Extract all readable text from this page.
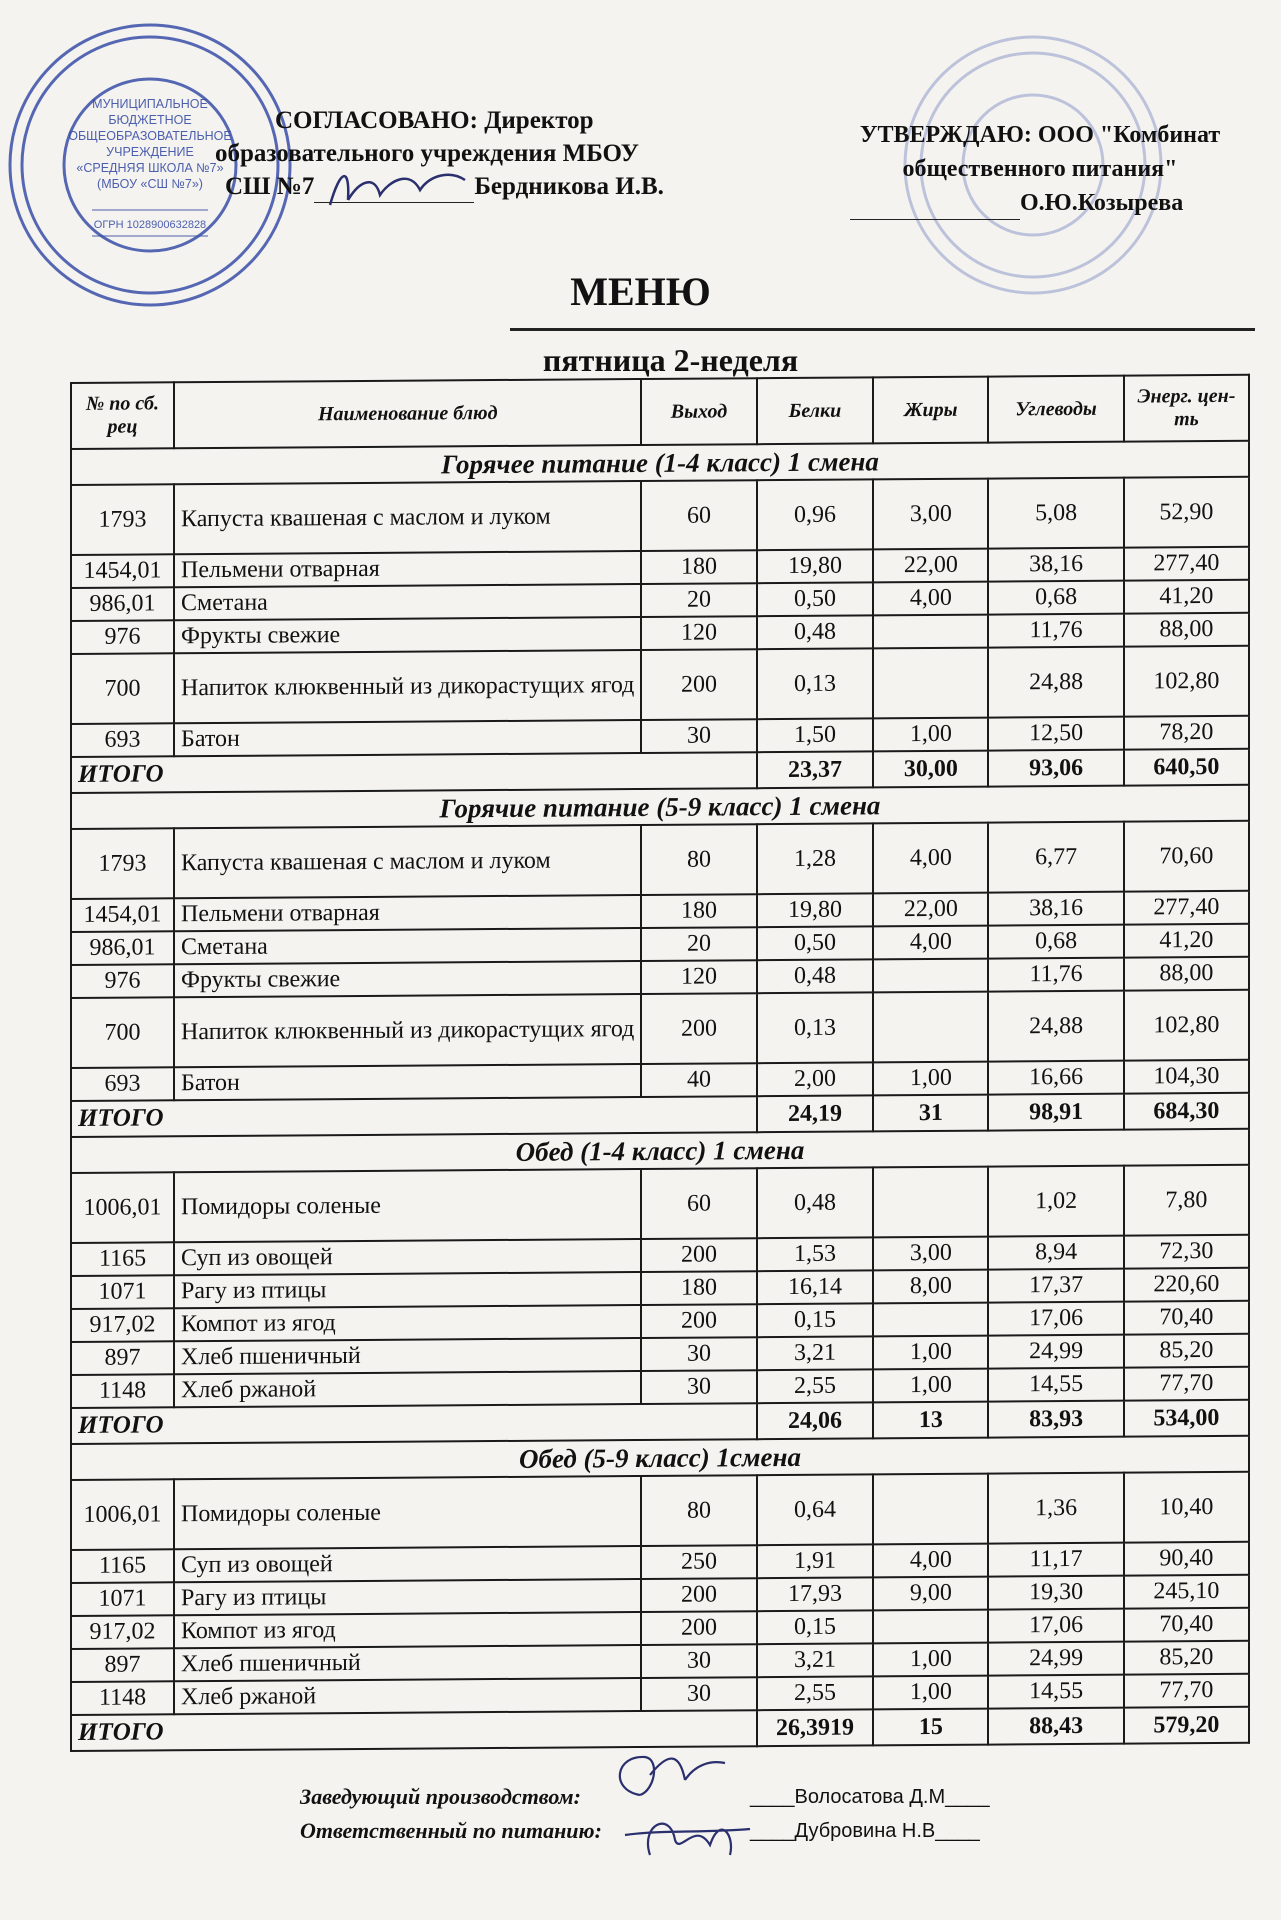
МУНИЦИПАЛЬНОЕ
БЮДЖЕТНОЕ
ОБЩЕОБРАЗОВАТЕЛЬНОЕ
УЧРЕЖДЕНИЕ
«СРЕДНЯЯ ШКОЛА №7»
(МБОУ «СШ №7»)
ОГРН 1028900632828
СОГЛАСОВАНО: Директор
образовательного учреждения МБОУ
СШ №7	Бердникова И.В.
УТВЕРЖДАЮ: ООО "Комбинат
общественного питания"
О.Ю.Козырева
МЕНЮ
пятница 2-неделя
№ по сб. рец	Наименование блюд	Выход	Белки	Жиры	Углеводы	Энерг. цен-ть
Горячее питание (1-4 класс) 1 смена						
1793	Капуста квашеная с маслом и луком	60	0,96	3,00	5,08	52,90
1454,01	Пельмени отварная	180	19,80	22,00	38,16	277,40
986,01	Сметана	20	0,50	4,00	0,68	41,20
976	Фрукты свежие	120	0,48		11,76	88,00
700	Напиток клюквенный из дикорастущих ягод	200	0,13		24,88	102,80
693	Батон	30	1,50	1,00	12,50	78,20
ИТОГО			23,37	30,00	93,06	640,50
Горячие питание (5-9 класс) 1 смена						
1793	Капуста квашеная с маслом и луком	80	1,28	4,00	6,77	70,60
1454,01	Пельмени отварная	180	19,80	22,00	38,16	277,40
986,01	Сметана	20	0,50	4,00	0,68	41,20
976	Фрукты свежие	120	0,48		11,76	88,00
700	Напиток клюквенный из дикорастущих ягод	200	0,13		24,88	102,80
693	Батон	40	2,00	1,00	16,66	104,30
ИТОГО			24,19	31	98,91	684,30
Обед (1-4 класс) 1 смена						
1006,01	Помидоры соленые	60	0,48		1,02	7,80
1165	Суп из овощей	200	1,53	3,00	8,94	72,30
1071	Рагу из птицы	180	16,14	8,00	17,37	220,60
917,02	Компот из ягод	200	0,15		17,06	70,40
897	Хлеб пшеничный	30	3,21	1,00	24,99	85,20
1148	Хлеб ржаной	30	2,55	1,00	14,55	77,70
ИТОГО			24,06	13	83,93	534,00
Обед (5-9 класс) 1смена						
1006,01	Помидоры соленые	80	0,64		1,36	10,40
1165	Суп из овощей	250	1,91	4,00	11,17	90,40
1071	Рагу из птицы	200	17,93	9,00	19,30	245,10
917,02	Компот из ягод	200	0,15		17,06	70,40
897	Хлеб пшеничный	30	3,21	1,00	24,99	85,20
1148	Хлеб ржаной	30	2,55	1,00	14,55	77,70
ИТОГО			26,3919	15	88,43	579,20
Заведующий производством:	____ Волосатова Д.М ____
Ответственный по питанию:	____ Дубровина Н.В ____
